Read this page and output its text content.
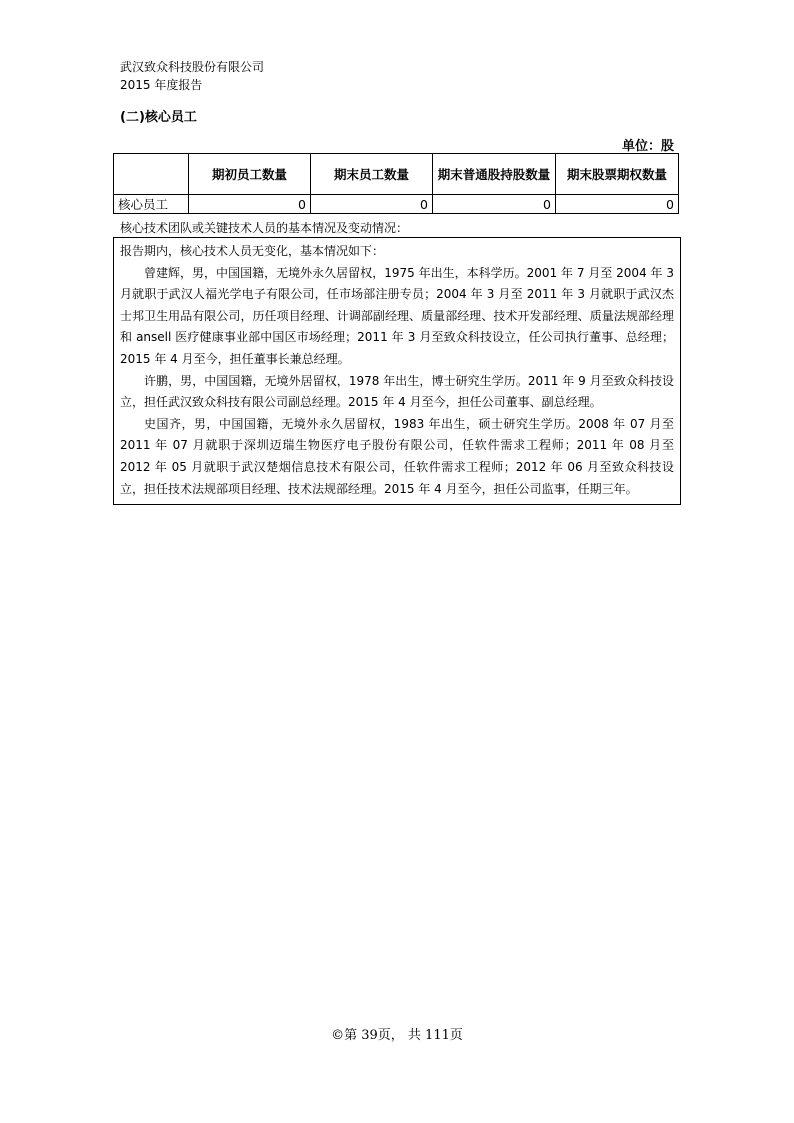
武汉致众科技股份有限公司
2015 年度报告
(二)核心员工
单位：股
	期初员工数量	期末员工数量	期末普通股持股数量	期末股票期权数量
核心员工	0	0	0	0
核心技术团队或关键技术人员的基本情况及变动情况：

报告期内，核心技术人员无变化，基本情况如下：

曾建辉，男，中国国籍，无境外永久居留权，1975 年出生，本科学历。2001 年 7 月至 2004 年 3 月就职于武汉人福光学电子有限公司，任市场部注册专员；2004 年 3 月至 2011 年 3 月就职于武汉杰士邦卫生用品有限公司，历任项目经理、计调部副经理、质量部经理、技术开发部经理、质量法规部经理和 ansell 医疗健康事业部中国区市场经理；2011 年 3 月至致众科技设立，任公司执行董事、总经理；2015 年 4 月至今，担任董事长兼总经理。

许鹏，男，中国国籍，无境外居留权，1978 年出生，博士研究生学历。2011 年 9 月至致众科技设立，担任武汉致众科技有限公司副总经理。2015 年 4 月至今，担任公司董事、副总经理。

史国齐，男，中国国籍，无境外永久居留权，1983 年出生，硕士研究生学历。2008 年 07 月至 2011 年 07 月就职于深圳迈瑞生物医疗电子股份有限公司，任软件需求工程师；2011 年 08 月至 2012 年 05 月就职于武汉楚烟信息技术有限公司，任软件需求工程师；2012 年 06 月至致众科技设立，担任技术法规部项目经理、技术法规部经理。2015 年 4 月至今，担任公司监事，任期三年。

©第 39页， 共 111页
